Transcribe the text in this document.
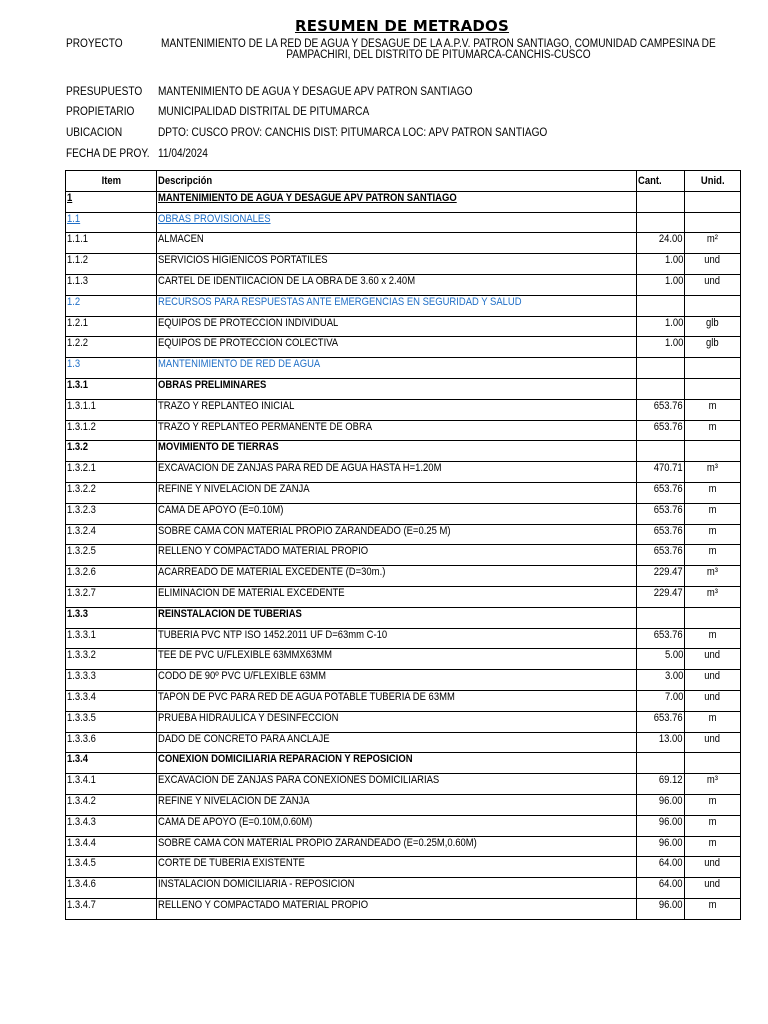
RESUMEN DE METRADOS
PROYECTO	MANTENIMIENTO DE LA RED DE AGUA Y DESAGUE DE LA A.P.V. PATRON SANTIAGO, COMUNIDAD CAMPESINA DE PAMPACHIRI, DEL DISTRITO DE PITUMARCA-CANCHIS-CUSCO
PRESUPUESTO MANTENIMIENTO DE AGUA Y DESAGUE APV PATRON SANTIAGO
PROPIETARIO MUNICIPALIDAD DISTRITAL DE PITUMARCA
UBICACION	DPTO: CUSCO PROV: CANCHIS DIST: PITUMARCA LOC: APV PATRON SANTIAGO
FECHA DE PROY. 11/04/2024
Item	Descripción	Cant.	Unid.
1	MANTENIMIENTO DE AGUA Y DESAGUE APV PATRON SANTIAGO		
1.1	OBRAS PROVISIONALES		
1.1.1	ALMACEN	24.00	m²
1.1.2	SERVICIOS HIGIENICOS PORTATILES	1.00	und
1.1.3	CARTEL DE IDENTIICACION DE LA OBRA DE 3.60 x 2.40M	1.00	und
1.2	RECURSOS PARA RESPUESTAS ANTE EMERGENCIAS EN SEGURIDAD Y SALUD		
1.2.1	EQUIPOS DE PROTECCION INDIVIDUAL	1.00	glb
1.2.2	EQUIPOS DE PROTECCION COLECTIVA	1.00	glb
1.3	MANTENIMIENTO DE RED DE AGUA		
1.3.1	OBRAS PRELIMINARES		
1.3.1.1	TRAZO Y REPLANTEO INICIAL	653.76	m
1.3.1.2	TRAZO Y REPLANTEO PERMANENTE DE OBRA	653.76	m
1.3.2	MOVIMIENTO DE TIERRAS		
1.3.2.1	EXCAVACION DE ZANJAS PARA RED DE AGUA HASTA H=1.20M	470.71	m³
1.3.2.2	REFINE Y NIVELACION DE ZANJA	653.76	m
1.3.2.3	CAMA DE APOYO (E=0.10M)	653.76	m
1.3.2.4	SOBRE CAMA CON MATERIAL PROPIO ZARANDEADO (E=0.25 M)	653.76	m
1.3.2.5	RELLENO Y COMPACTADO MATERIAL PROPIO	653.76	m
1.3.2.6	ACARREADO DE MATERIAL EXCEDENTE (D=30m.)	229.47	m³
1.3.2.7	ELIMINACION DE MATERIAL EXCEDENTE	229.47	m³
1.3.3	REINSTALACION DE TUBERIAS		
1.3.3.1	TUBERIA PVC NTP ISO 1452.2011 UF D=63mm C-10	653.76	m
1.3.3.2	TEE DE PVC U/FLEXIBLE 63MMX63MM	5.00	und
1.3.3.3	CODO DE 90º PVC U/FLEXIBLE 63MM	3.00	und
1.3.3.4	TAPON DE PVC PARA RED DE AGUA POTABLE TUBERIA DE 63MM	7.00	und
1.3.3.5	PRUEBA HIDRAULICA Y DESINFECCION	653.76	m
1.3.3.6	DADO DE CONCRETO PARA ANCLAJE	13.00	und
1.3.4	CONEXION DOMICILIARIA REPARACION Y REPOSICION		
1.3.4.1	EXCAVACION DE ZANJAS PARA CONEXIONES DOMICILIARIAS	69.12	m³
1.3.4.2	REFINE Y NIVELACION DE ZANJA	96.00	m
1.3.4.3	CAMA DE APOYO (E=0.10M,0.60M)	96.00	m
1.3.4.4	SOBRE CAMA CON MATERIAL PROPIO ZARANDEADO (E=0.25M,0.60M)	96.00	m
1.3.4.5	CORTE DE TUBERIA EXISTENTE	64.00	und
1.3.4.6	INSTALACION DOMICILIARIA - REPOSICION	64.00	und
1.3.4.7	RELLENO Y COMPACTADO MATERIAL PROPIO	96.00	m
